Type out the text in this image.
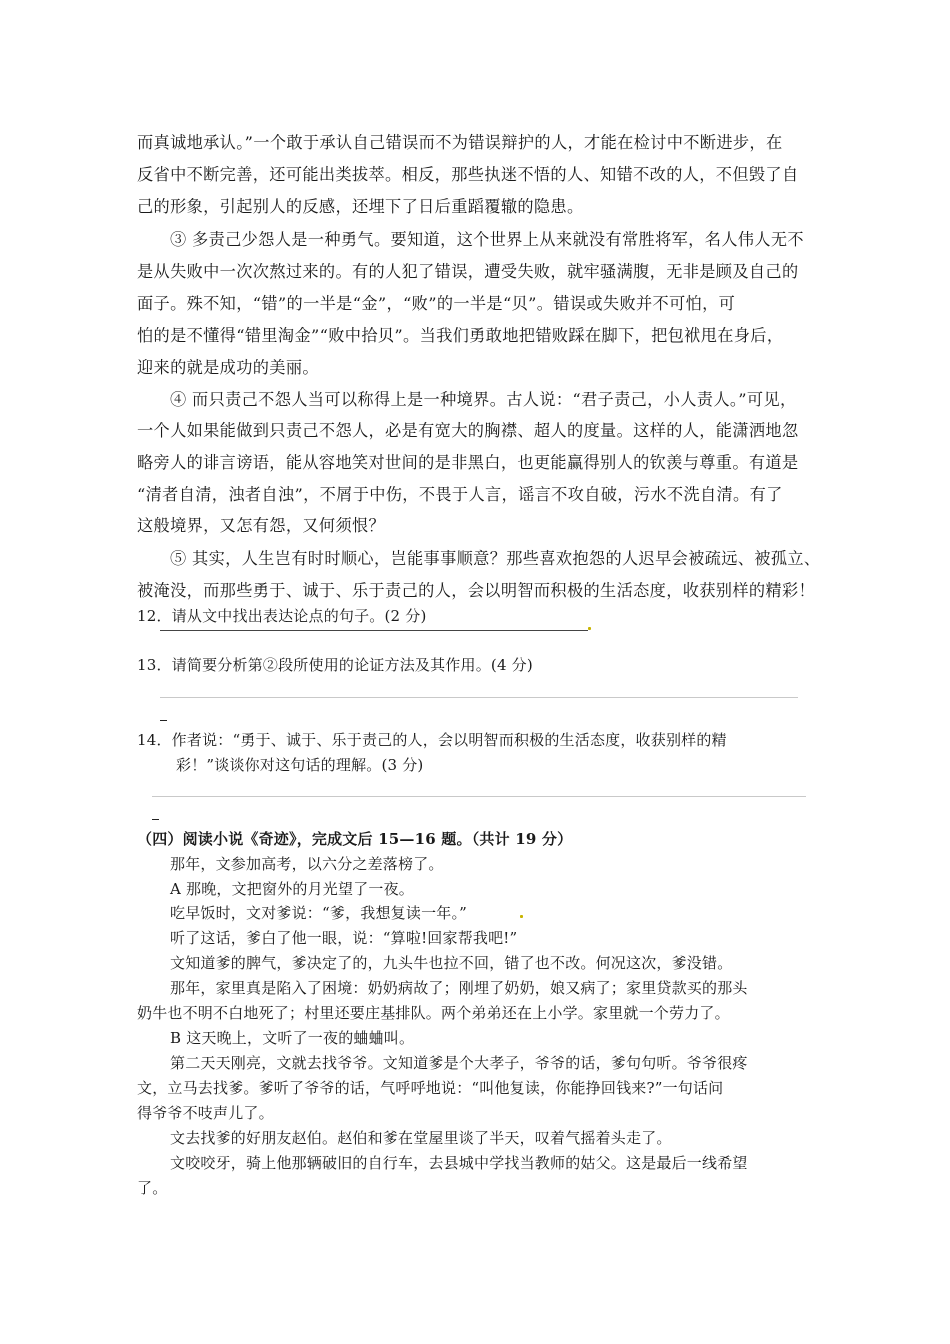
而真诚地承认。”一个敢于承认自己错误而不为错误辩护的人，才能在检讨中不断进步，在
反省中不断完善，还可能出类拔萃。相反，那些执迷不悟的人、知错不改的人，不但毁了自
己的形象，引起别人的反感，还埋下了日后重蹈覆辙的隐患。
③ 多责己少怨人是一种勇气。要知道，这个世界上从来就没有常胜将军，名人伟人无不
是从失败中一次次熬过来的。有的人犯了错误，遭受失败，就牢骚满腹，无非是顾及自己的
面子。殊不知，“错”的一半是“金”，“败”的一半是“贝”。错误或失败并不可怕，可
怕的是不懂得“错里淘金”“败中拾贝”。当我们勇敢地把错败踩在脚下，把包袱甩在身后，
迎来的就是成功的美丽。
④ 而只责己不怨人当可以称得上是一种境界。古人说：“君子责己，小人责人。”可见，
一个人如果能做到只责己不怨人，必是有宽大的胸襟、超人的度量。这样的人，能潇洒地忽
略旁人的诽言谤语，能从容地笑对世间的是非黑白，也更能赢得别人的钦羡与尊重。有道是
“清者自清，浊者自浊”，不屑于中伤，不畏于人言，谣言不攻自破，污水不洗自清。有了
这般境界，又怎有怨，又何须恨？
⑤ 其实，人生岂有时时顺心，岂能事事顺意？那些喜欢抱怨的人迟早会被疏远、被孤立、
被淹没，而那些勇于、诚于、乐于责己的人，会以明智而积极的生活态度，收获别样的精彩！
12．请从文中找出表达论点的句子。(2 分)
13．请简要分析第②段所使用的论证方法及其作用。(4 分)
14．作者说：“勇于、诚于、乐于责己的人，会以明智而积极的生活态度，收获别样的精
彩！”谈谈你对这句话的理解。(3 分)
（四）阅读小说《奇迹》，完成文后 15—16 题。（共计 19 分）
那年，文参加高考，以六分之差落榜了。
A 那晚，文把窗外的月光望了一夜。
吃早饭时，文对爹说：“爹，我想复读一年。”
听了这话，爹白了他一眼，说：“算啦!回家帮我吧!”
文知道爹的脾气，爹决定了的，九头牛也拉不回，错了也不改。何况这次，爹没错。
那年，家里真是陷入了困境：奶奶病故了；刚埋了奶奶，娘又病了；家里贷款买的那头
奶牛也不明不白地死了；村里还要庄基排队。两个弟弟还在上小学。家里就一个劳力了。
B 这天晚上，文听了一夜的蛐蛐叫。
第二天天刚亮，文就去找爷爷。文知道爹是个大孝子，爷爷的话，爹句句听。爷爷很疼
文，立马去找爹。爹听了爷爷的话，气呼呼地说：“叫他复读，你能挣回钱来?”一句话问
得爷爷不吱声儿了。
文去找爹的好朋友赵伯。赵伯和爹在堂屋里谈了半天，叹着气摇着头走了。
文咬咬牙，骑上他那辆破旧的自行车，去县城中学找当教师的姑父。这是最后一线希望
了。
